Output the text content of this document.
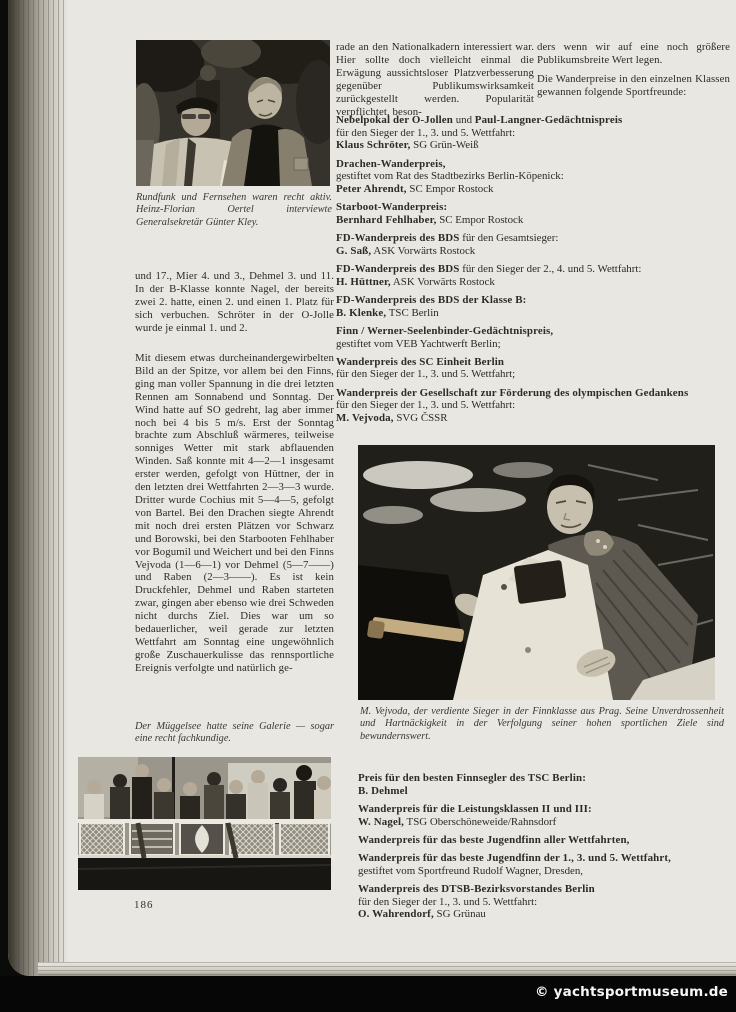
Rundfunk und Fernsehen waren recht aktiv. Heinz-Florian Oertel interviewte Generalsekretär Günter Kley.
und 17., Mier 4. und 3., Dehmel 3. und 11. In der B-Klasse konnte Nagel, der bereits zwei 2. hatte, einen 2. und einen 1. Platz für sich verbuchen. Schröter in der O-Jolle wurde je einmal 1. und 2.
Mit diesem etwas durcheinandergewirbelten Bild an der Spitze, vor allem bei den Finns, ging man voller Spannung in die drei letzten Rennen am Sonnabend und Sonntag. Der Wind hatte auf SO gedreht, lag aber immer noch bei 4 bis 5 m/s. Erst der Sonntag brachte zum Abschluß wärmeres, teilweise sonniges Wetter mit stark abflauenden Winden. Saß konnte mit 4—2—1 insgesamt erster werden, gefolgt von Hüttner, der in den letzten drei Wettfahrten 2—3—3 wurde. Dritter wurde Cochius mit 5—4—5, gefolgt von Bartel. Bei den Drachen siegte Ahrendt mit noch drei ersten Plätzen vor Schwarz und Borowski, bei den Starbooten Fehlhaber vor Bogumil und Weichert und bei den Finns Vejvoda (1—6—1) vor Dehmel (5—7——) und Raben (2—3——). Es ist kein Druckfehler, Dehmel und Raben starteten zwar, gingen aber ebenso wie drei Schweden nicht durchs Ziel. Dies war um so bedauerlicher, weil gerade zur letzten Wettfahrt am Sonntag eine ungewöhnlich große Zuschauerkulisse das rennsportliche Ereignis verfolgte und natürlich ge-
Der Müggelsee hatte seine Galerie — sogar eine recht fachkundige.
186
rade an den Nationalkadern interessiert war. Hier sollte doch vielleicht einmal die Erwägung aussichtsloser Platzverbesserung gegenüber Publikumswirksamkeit zurückgestellt werden. Popularität verpflichtet, beson-
ders wenn wir auf eine noch größere Publikumsbreite Wert legen.
Die Wanderpreise in den einzelnen Klassen gewannen folgende Sportfreunde:
Nebelpokal der O-Jollen und Paul-Langner-Gedächtnispreis
für den Sieger der 1., 3. und 5. Wettfahrt:
Klaus Schröter, SG Grün-Weiß
Drachen-Wanderpreis,
gestiftet vom Rat des Stadtbezirks Berlin-Köpenick:
Peter Ahrendt, SC Empor Rostock
Starboot-Wanderpreis:
Bernhard Fehlhaber, SC Empor Rostock
FD-Wanderpreis des BDS für den Gesamtsieger:
G. Saß, ASK Vorwärts Rostock
FD-Wanderpreis des BDS für den Sieger der 2., 4. und 5. Wettfahrt:
H. Hüttner, ASK Vorwärts Rostock
FD-Wanderpreis des BDS der Klasse B:
B. Klenke, TSC Berlin
Finn / Werner-Seelenbinder-Gedächtnispreis,
gestiftet vom VEB Yachtwerft Berlin;
Wanderpreis des SC Einheit Berlin
für den Sieger der 1., 3. und 5. Wettfahrt;
Wanderpreis der Gesellschaft zur Förderung des olympischen Gedankens
für den Sieger der 1., 3. und 5. Wettfahrt:
M. Vejvoda, SVG ČSSR
M. Vejvoda, der verdiente Sieger in der Finnklasse aus Prag. Seine Unverdrossenheit und Hartnäckigkeit in der Verfolgung seiner hohen sportlichen Ziele sind bewundernswert.
Preis für den besten Finnsegler des TSC Berlin:
B. Dehmel
Wanderpreis für die Leistungsklassen II und III:
W. Nagel, TSG Oberschöneweide/Rahnsdorf
Wanderpreis für das beste Jugendfinn aller Wettfahrten,
Wanderpreis für das beste Jugendfinn der 1., 3. und 5. Wettfahrt,
gestiftet vom Sportfreund Rudolf Wagner, Dresden,
Wanderpreis des DTSB-Bezirksvorstandes Berlin
für den Sieger der 1., 3. und 5. Wettfahrt:
O. Wahrendorf, SG Grünau
© yachtsportmuseum.de
